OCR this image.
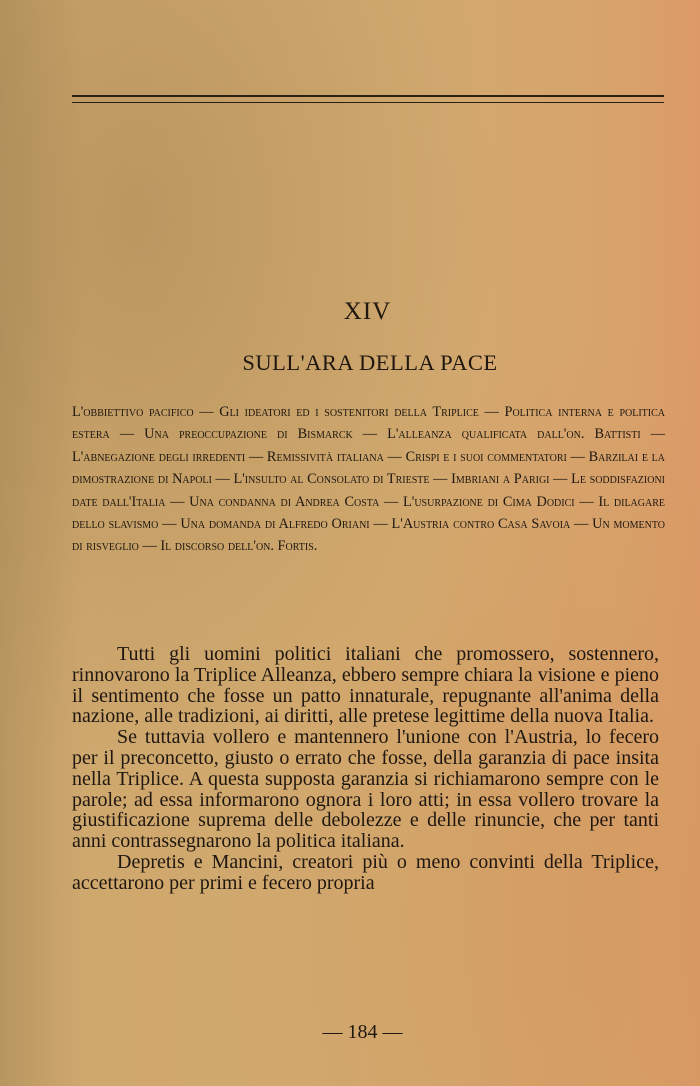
XIV
SULL'ARA DELLA PACE
L'obbiettivo pacifico — Gli ideatori ed i sostenitori della Triplice — Politica interna e politica estera — Una preoccupazione di Bismarck — L'alleanza qualificata dall'on. Battisti — L'abnegazione degli irredenti — Remissività italiana — Crispi e i suoi commentatori — Barzilai e la dimostrazione di Napoli — L'insulto al Consolato di Trieste — Imbriani a Parigi — Le soddisfazioni date dall'Italia — Una condanna di Andrea Costa — L'usurpazione di Cima Dodici — Il dilagare dello slavismo — Una domanda di Alfredo Oriani — L'Austria contro Casa Savoia — Un momento di risveglio — Il discorso dell'on. Fortis.

Tutti gli uomini politici italiani che promossero, sostennero, rinnovarono la Triplice Alleanza, ebbero sempre chiara la visione e pieno il sentimento che fosse un patto innaturale, repugnante all'anima della nazione, alle tradizioni, ai diritti, alle pretese legittime della nuova Italia.

Se tuttavia vollero e mantennero l'unione con l'Austria, lo fecero per il preconcetto, giusto o errato che fosse, della garanzia di pace insita nella Triplice. A questa supposta garanzia si richiamarono sempre con le parole; ad essa informarono ognora i loro atti; in essa vollero trovare la giustificazione suprema delle debolezze e delle rinuncie, che per tanti anni contrassegnarono la politica italiana.

Depretis e Mancini, creatori più o meno convinti della Triplice, accettarono per primi e fecero propria

— 184 —
